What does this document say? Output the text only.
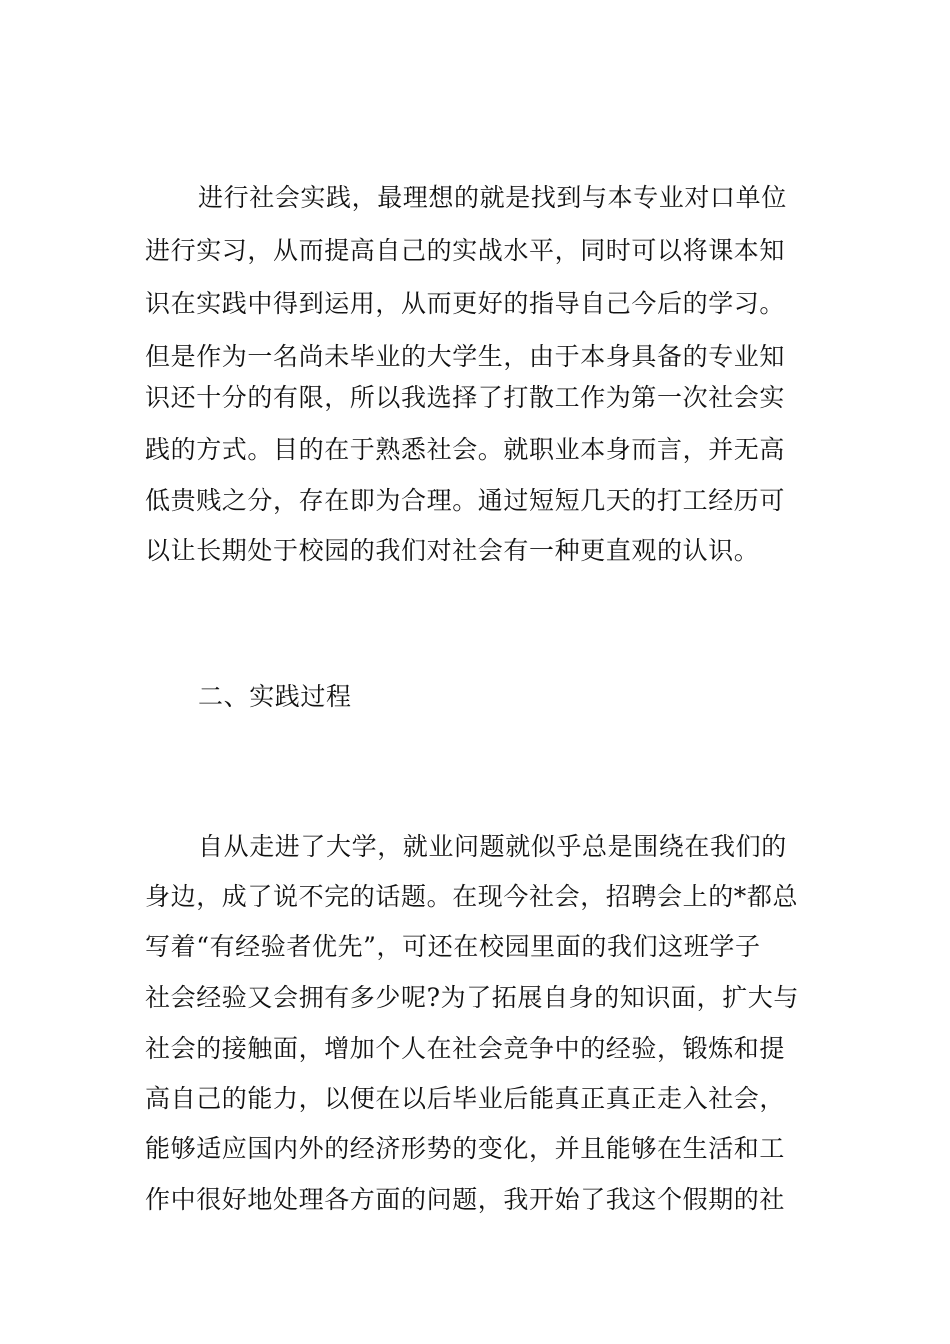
进行社会实践，最理想的就是找到与本专业对口单位
进行实习，从而提高自己的实战水平，同时可以将课本知
识在实践中得到运用，从而更好的指导自己今后的学习。
但是作为一名尚未毕业的大学生，由于本身具备的专业知
识还十分的有限，所以我选择了打散工作为第一次社会实
践的方式。目的在于熟悉社会。就职业本身而言，并无高
低贵贱之分，存在即为合理。通过短短几天的打工经历可
以让长期处于校园的我们对社会有一种更直观的认识。
二、实践过程
自从走进了大学，就业问题就似乎总是围绕在我们的
身边，成了说不完的话题。在现今社会，招聘会上的*都总
写着“有经验者优先”，可还在校园里面的我们这班学子
社会经验又会拥有多少呢?为了拓展自身的知识面，扩大与
社会的接触面，增加个人在社会竞争中的经验，锻炼和提
高自己的能力，以便在以后毕业后能真正真正走入社会，
能够适应国内外的经济形势的变化，并且能够在生活和工
作中很好地处理各方面的问题，我开始了我这个假期的社
